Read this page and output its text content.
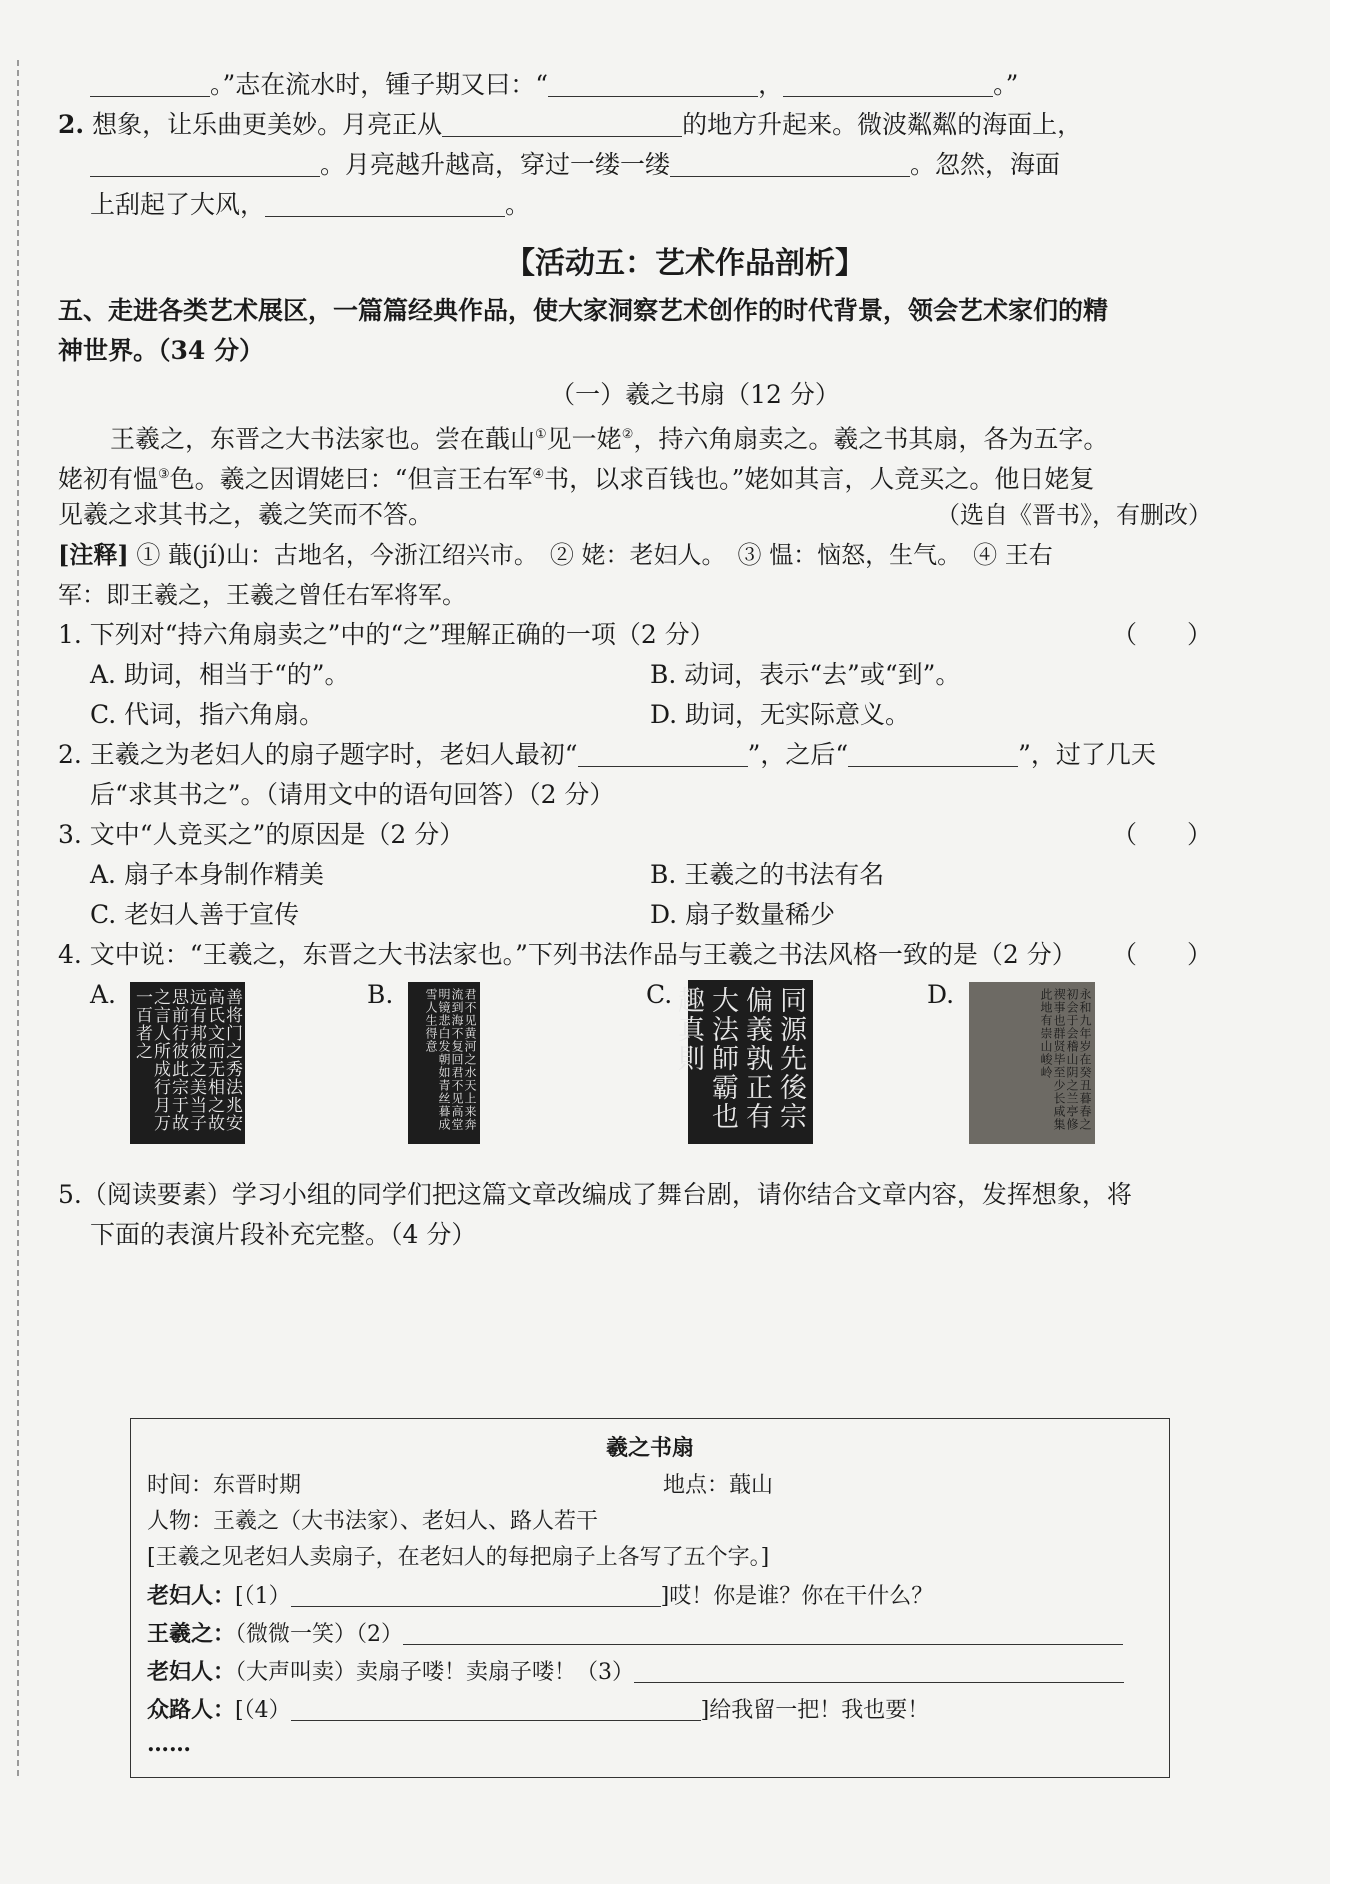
。”志在流水时，锺子期又曰：“	，	。”
2. 想象，让乐曲更美妙。月亮正从	的地方升起来。微波粼粼的海面上，
。月亮越升越高，穿过一缕一缕	。忽然，海面
上刮起了大风，	。
【活动五：艺术作品剖析】
五、走进各类艺术展区，一篇篇经典作品，使大家洞察艺术创作的时代背景，领会艺术家们的精
神世界。（34 分）
（一）羲之书扇（12 分）
王羲之，东晋之大书法家也。尝在蕺山①见一姥②，持六角扇卖之。羲之书其扇，各为五字。
姥初有愠③色。羲之因谓姥曰：“但言王右军④书，以求百钱也。”姥如其言，人竞买之。他日姥复
见羲之求其书之，羲之笑而不答。	（选自《晋书》，有删改）
[注释] ① 蕺(jí)山：古地名，今浙江绍兴市。　② 姥：老妇人。　③ 愠：恼怒，生气。　④ 王右
军：即王羲之，王羲之曾任右军将军。
1. 下列对“持六角扇卖之”中的“之”理解正确的一项（2 分）	（　　）
A. 助词，相当于“的”。	B. 动词，表示“去”或“到”。
C. 代词，指六角扇。	D. 助词，无实际意义。
2. 王羲之为老妇人的扇子题字时，老妇人最初“	”，之后“	”，过了几天
后“求其书之”。（请用文中的语句回答）（2 分）
3. 文中“人竞买之”的原因是（2 分）	（　　）
A. 扇子本身制作精美	B. 王羲之的书法有名
C. 老妇人善于宣传	D. 扇子数量稀少
4. 文中说：“王羲之，东晋之大书法家也。”下列书法作品与王羲之书法风格一致的是（2 分）	（　　）
A.	善将门之秀法兆安高氏文而无相之故远有邦彼之美当子思前行彼此宗于故之言人所成行月万一百者之	B.	君不见黄河之水天上来奔流到海不复回君不见高堂明镜悲白发朝如青丝暮成雪人生得意	C.	同源先後宗偏義孰正有大法師霸也趣真則	D.	永和九年岁在癸丑暮春之初会于会稽山阴之兰亭修禊事也群贤毕至少长咸集此地有崇山峻岭
5.（阅读要素）学习小组的同学们把这篇文章改编成了舞台剧，请你结合文章内容，发挥想象，将
下面的表演片段补充完整。（4 分）
羲之书扇
时间：东晋时期	地点：蕺山
人物：王羲之（大书法家）、老妇人、路人若干
[王羲之见老妇人卖扇子，在老妇人的每把扇子上各写了五个字。]
老妇人：[（1）	]哎！你是谁？你在干什么？
王羲之：（微微一笑）（2）
老妇人：（大声叫卖）卖扇子喽！卖扇子喽！（3）
众路人：[（4）	]给我留一把！我也要！
……
